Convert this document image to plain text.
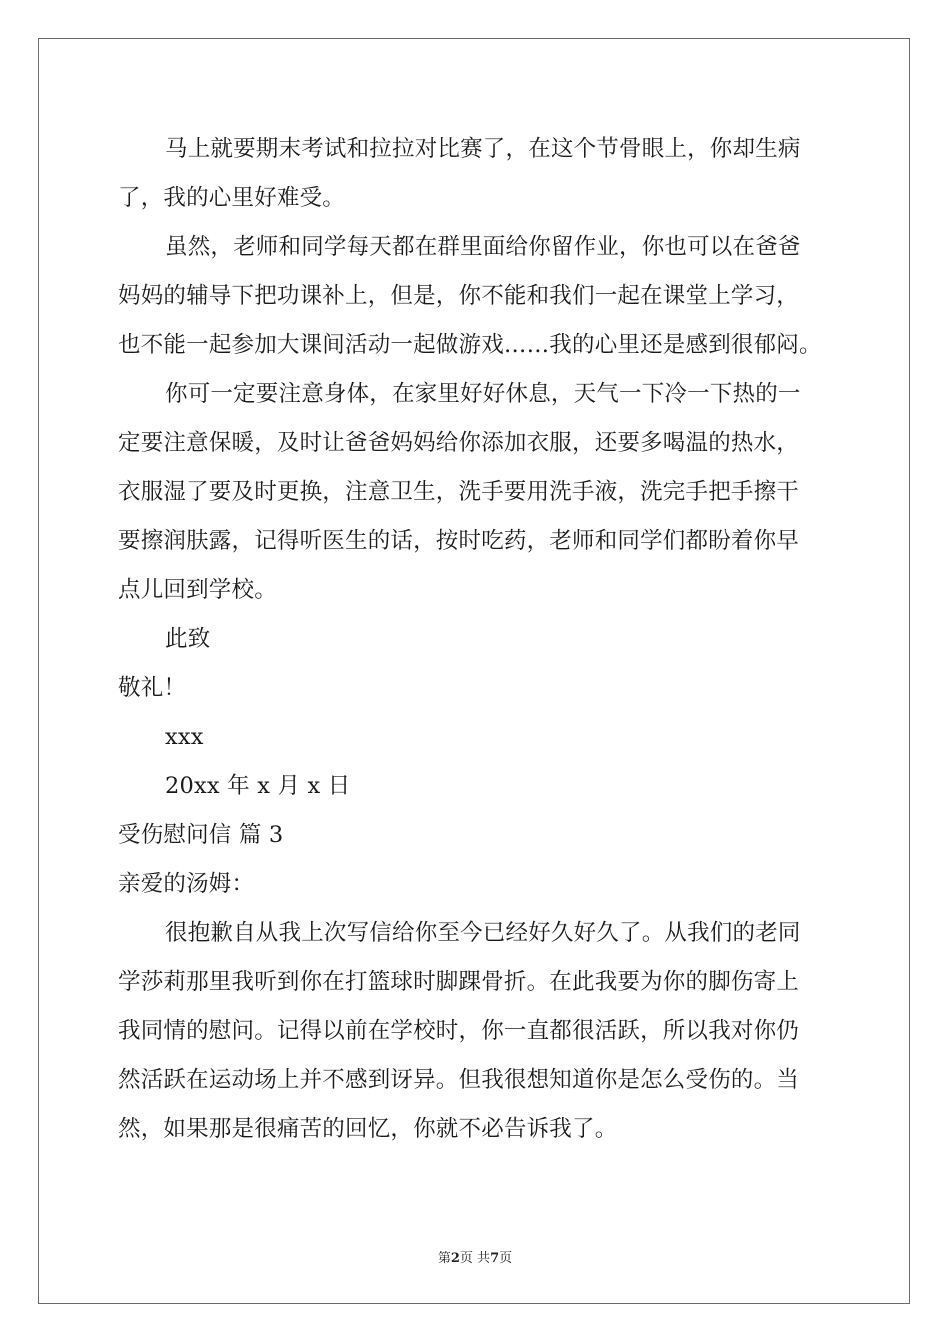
马上就要期末考试和拉拉对比赛了，在这个节骨眼上，你却生病
了，我的心里好难受。
虽然，老师和同学每天都在群里面给你留作业，你也可以在爸爸
妈妈的辅导下把功课补上，但是，你不能和我们一起在课堂上学习，
也不能一起参加大课间活动一起做游戏……我的心里还是感到很郁闷。
你可一定要注意身体，在家里好好休息，天气一下冷一下热的一
定要注意保暖，及时让爸爸妈妈给你添加衣服，还要多喝温的热水，
衣服湿了要及时更换，注意卫生，洗手要用洗手液，洗完手把手擦干
要擦润肤露，记得听医生的话，按时吃药，老师和同学们都盼着你早
点儿回到学校。
此致
敬礼！
xxx
20xx 年 x 月 x 日
受伤慰问信 篇 3
亲爱的汤姆：
很抱歉自从我上次写信给你至今已经好久好久了。从我们的老同
学莎莉那里我听到你在打篮球时脚踝骨折。在此我要为你的脚伤寄上
我同情的慰问。记得以前在学校时，你一直都很活跃，所以我对你仍
然活跃在运动场上并不感到讶异。但我很想知道你是怎么受伤的。当
然，如果那是很痛苦的回忆，你就不必告诉我了。
第2页 共7页
